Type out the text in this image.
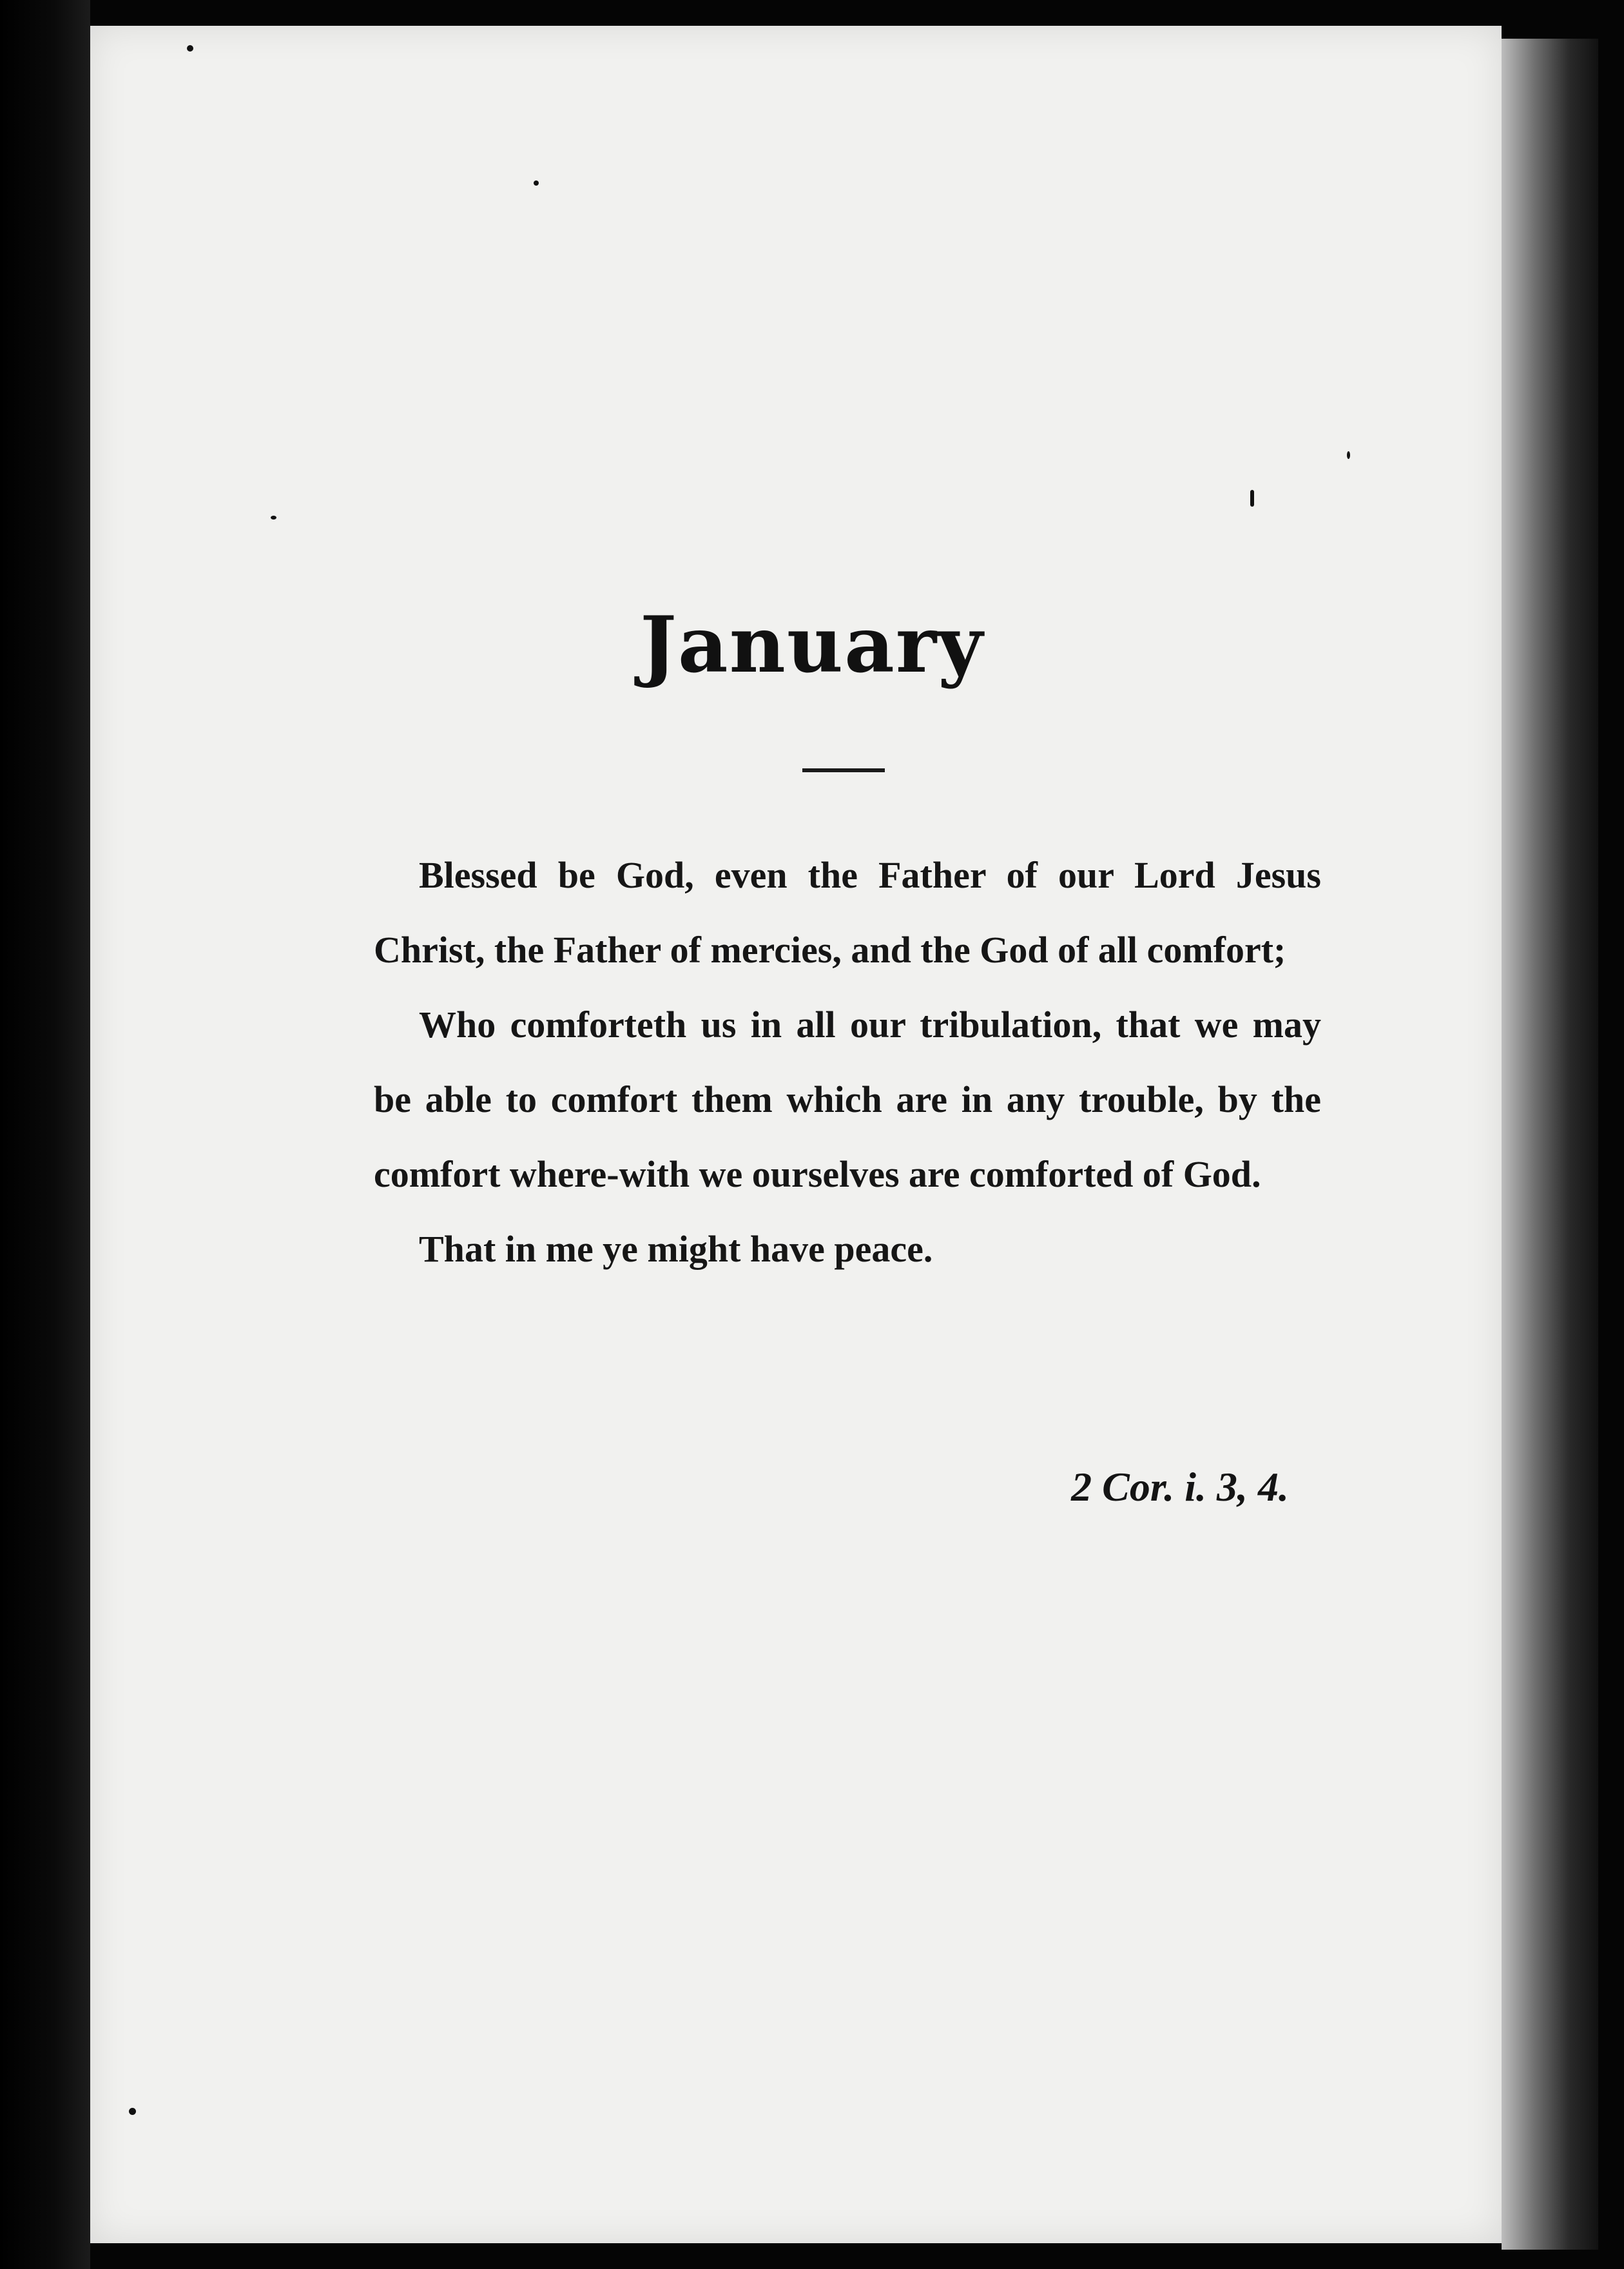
January

Blessed be God, even the Father of our Lord Jesus Christ, the Father of mercies, and the God of all comfort;

Who comforteth us in all our tribulation, that we may be able to comfort them which are in any trouble, by the comfort where-with we ourselves are comforted of God.

That in me ye might have peace.

2 Cor. i. 3, 4.
